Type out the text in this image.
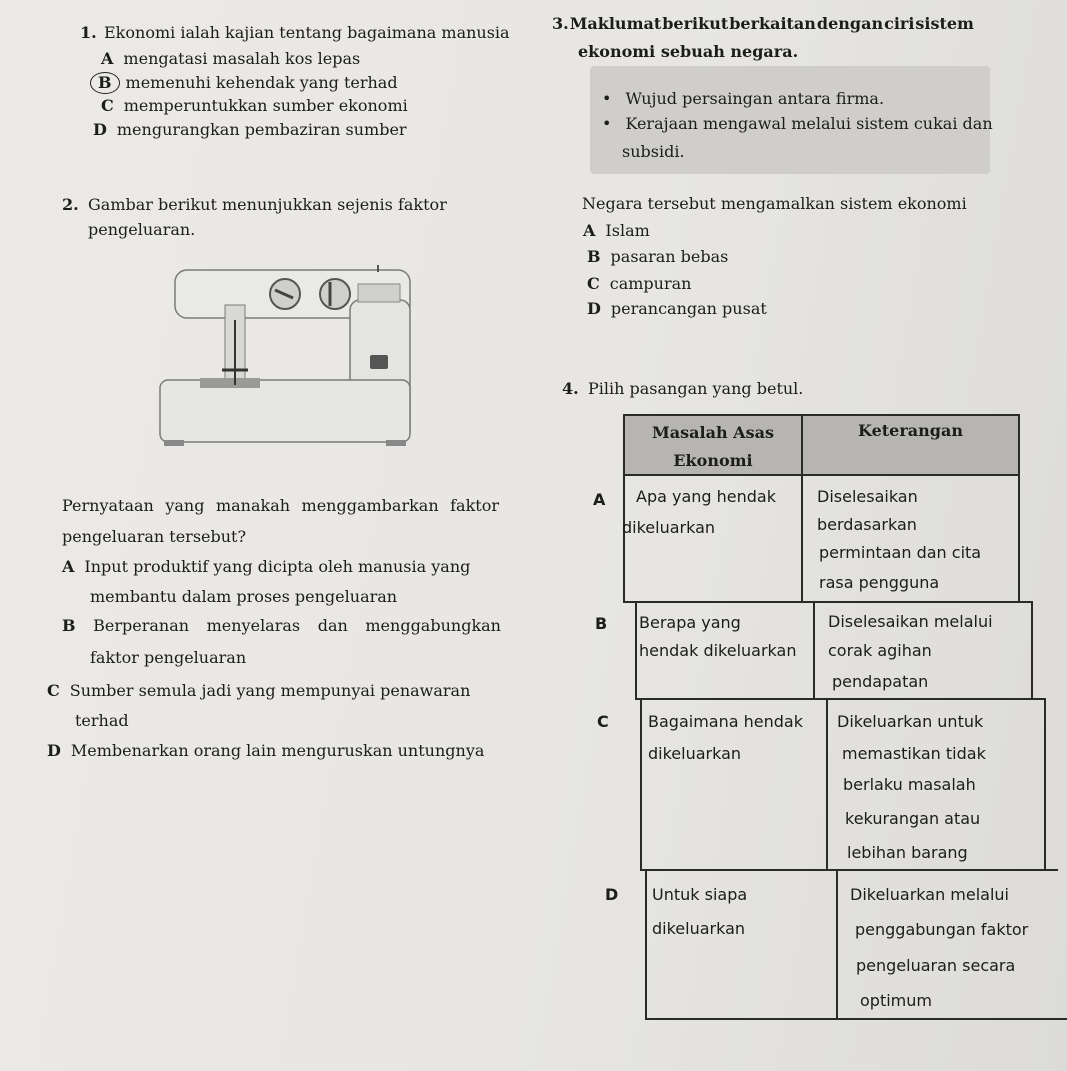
1. Ekonomi ialah kajian tentang bagaimana manusia
A mengatasi masalah kos lepas
B memenuhi kehendak yang terhad
C memperuntukkan sumber ekonomi
D mengurangkan pembaziran sumber
2. Gambar berikut menunjukkan sejenis faktor
pengeluaran.
Pernyataan yang manakah menggambarkan faktor
pengeluaran tersebut?
A Input produktif yang dicipta oleh manusia yang
membantu dalam proses pengeluaran
B Berperanan menyelaras dan menggabungkan
faktor pengeluaran
C Sumber semula jadi yang mempunyai penawaran
terhad
D Membenarkan orang lain menguruskan untungnya
3. Maklumat berikut berkaitan dengan ciri sistem
ekonomi sebuah negara.
• Wujud persaingan antara firma.
• Kerajaan mengawal melalui sistem cukai dan
subsidi.
Negara tersebut mengamalkan sistem ekonomi
A Islam
B pasaran bebas
C campuran
D perancangan pusat
4. Pilih pasangan yang betul.
Masalah Asas
Ekonomi
Keterangan
A Apa yang hendak
dikeluarkan
Diselesaikan
berdasarkan
permintaan dan cita
rasa pengguna
B Berapa yang
hendak dikeluarkan
Diselesaikan melalui
corak agihan
pendapatan
C Bagaimana hendak
dikeluarkan
Dikeluarkan untuk
memastikan tidak
berlaku masalah
kekurangan atau
lebihan barang
D Untuk siapa
dikeluarkan
Dikeluarkan melalui
penggabungan faktor
pengeluaran secara
optimum
